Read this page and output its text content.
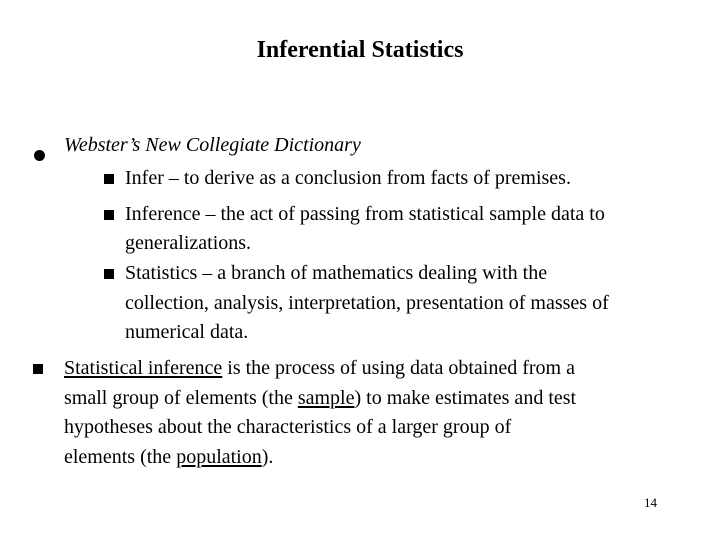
Inferential Statistics
Webster’s New Collegiate Dictionary
Infer – to derive as a conclusion from facts of premises.
Inference – the act of passing from statistical sample data to
generalizations.
Statistics – a branch of mathematics dealing with the
collection, analysis, interpretation, presentation of masses of
numerical data.
Statistical inference is the process of using data obtained from a
small group of elements (the sample) to make estimates and test
hypotheses about the characteristics of a larger group of
elements (the population).
14
